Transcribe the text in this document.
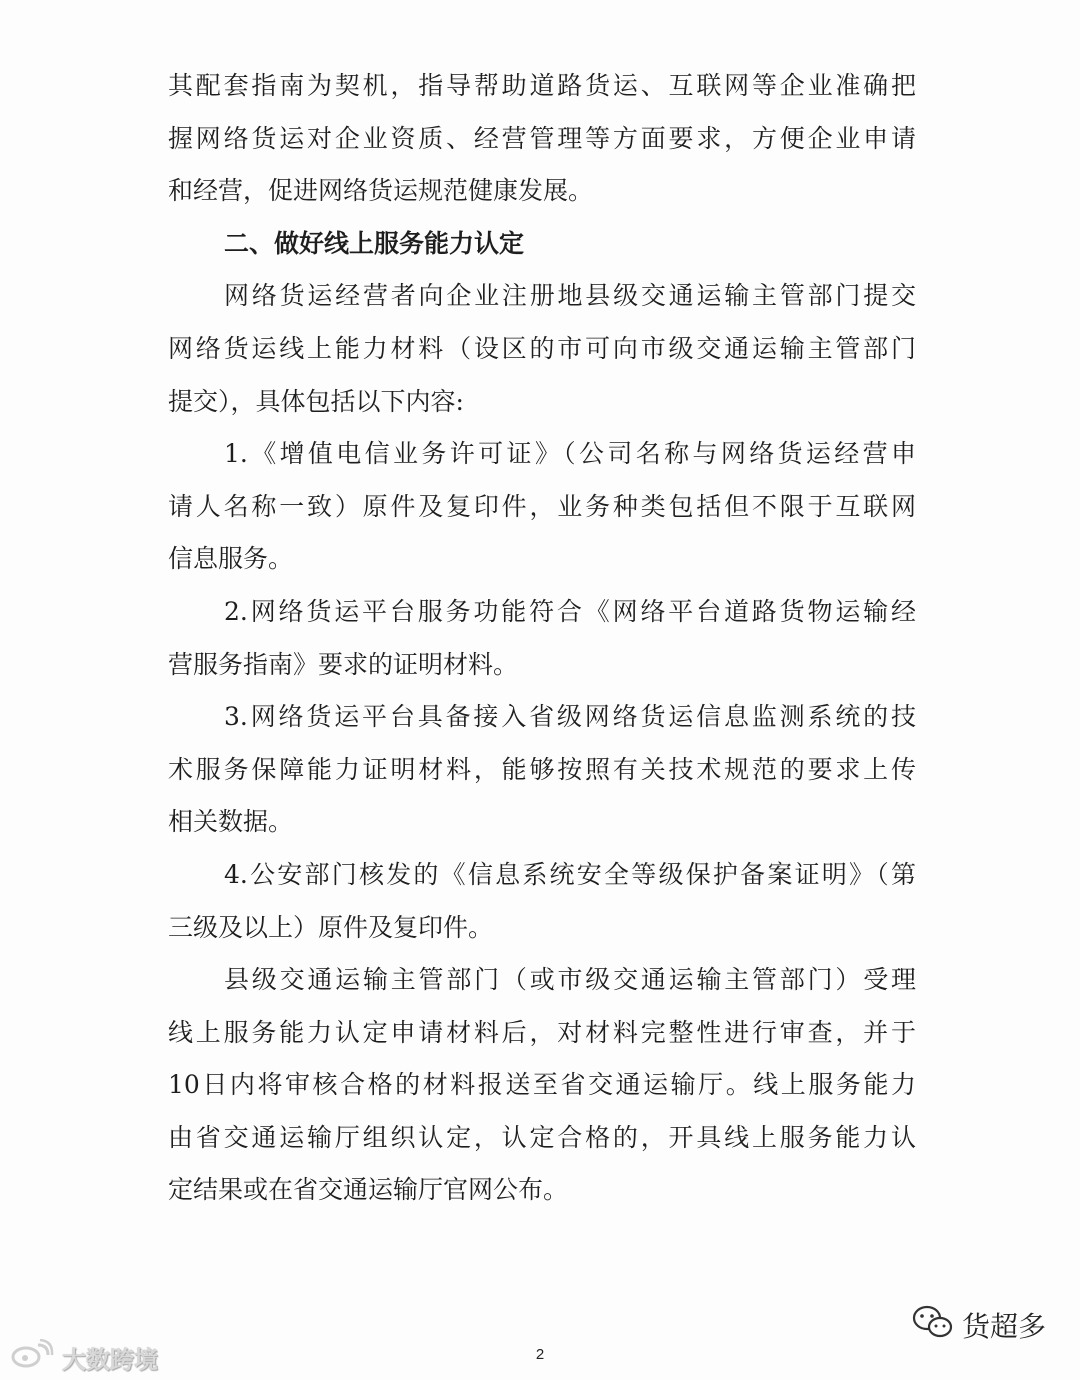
其配套指南为契机，指导帮助道路货运、互联网等企业准确把
握网络货运对企业资质、经营管理等方面要求，方便企业申请
和经营，促进网络货运规范健康发展。
二、做好线上服务能力认定
网络货运经营者向企业注册地县级交通运输主管部门提交
网络货运线上能力材料（设区的市可向市级交通运输主管部门
提交），具体包括以下内容:
1.《增值电信业务许可证》（公司名称与网络货运经营申
请人名称一致）原件及复印件，业务种类包括但不限于互联网
信息服务。
2.网络货运平台服务功能符合《网络平台道路货物运输经
营服务指南》要求的证明材料。
3.网络货运平台具备接入省级网络货运信息监测系统的技
术服务保障能力证明材料，能够按照有关技术规范的要求上传
相关数据。
4.公安部门核发的《信息系统安全等级保护备案证明》（第
三级及以上）原件及复印件。
县级交通运输主管部门（或市级交通运输主管部门）受理
线上服务能力认定申请材料后，对材料完整性进行审查，并于
10日内将审核合格的材料报送至省交通运输厅。线上服务能力
由省交通运输厅组织认定，认定合格的，开具线上服务能力认
定结果或在省交通运输厅官网公布。
2
大数跨境
货超多
